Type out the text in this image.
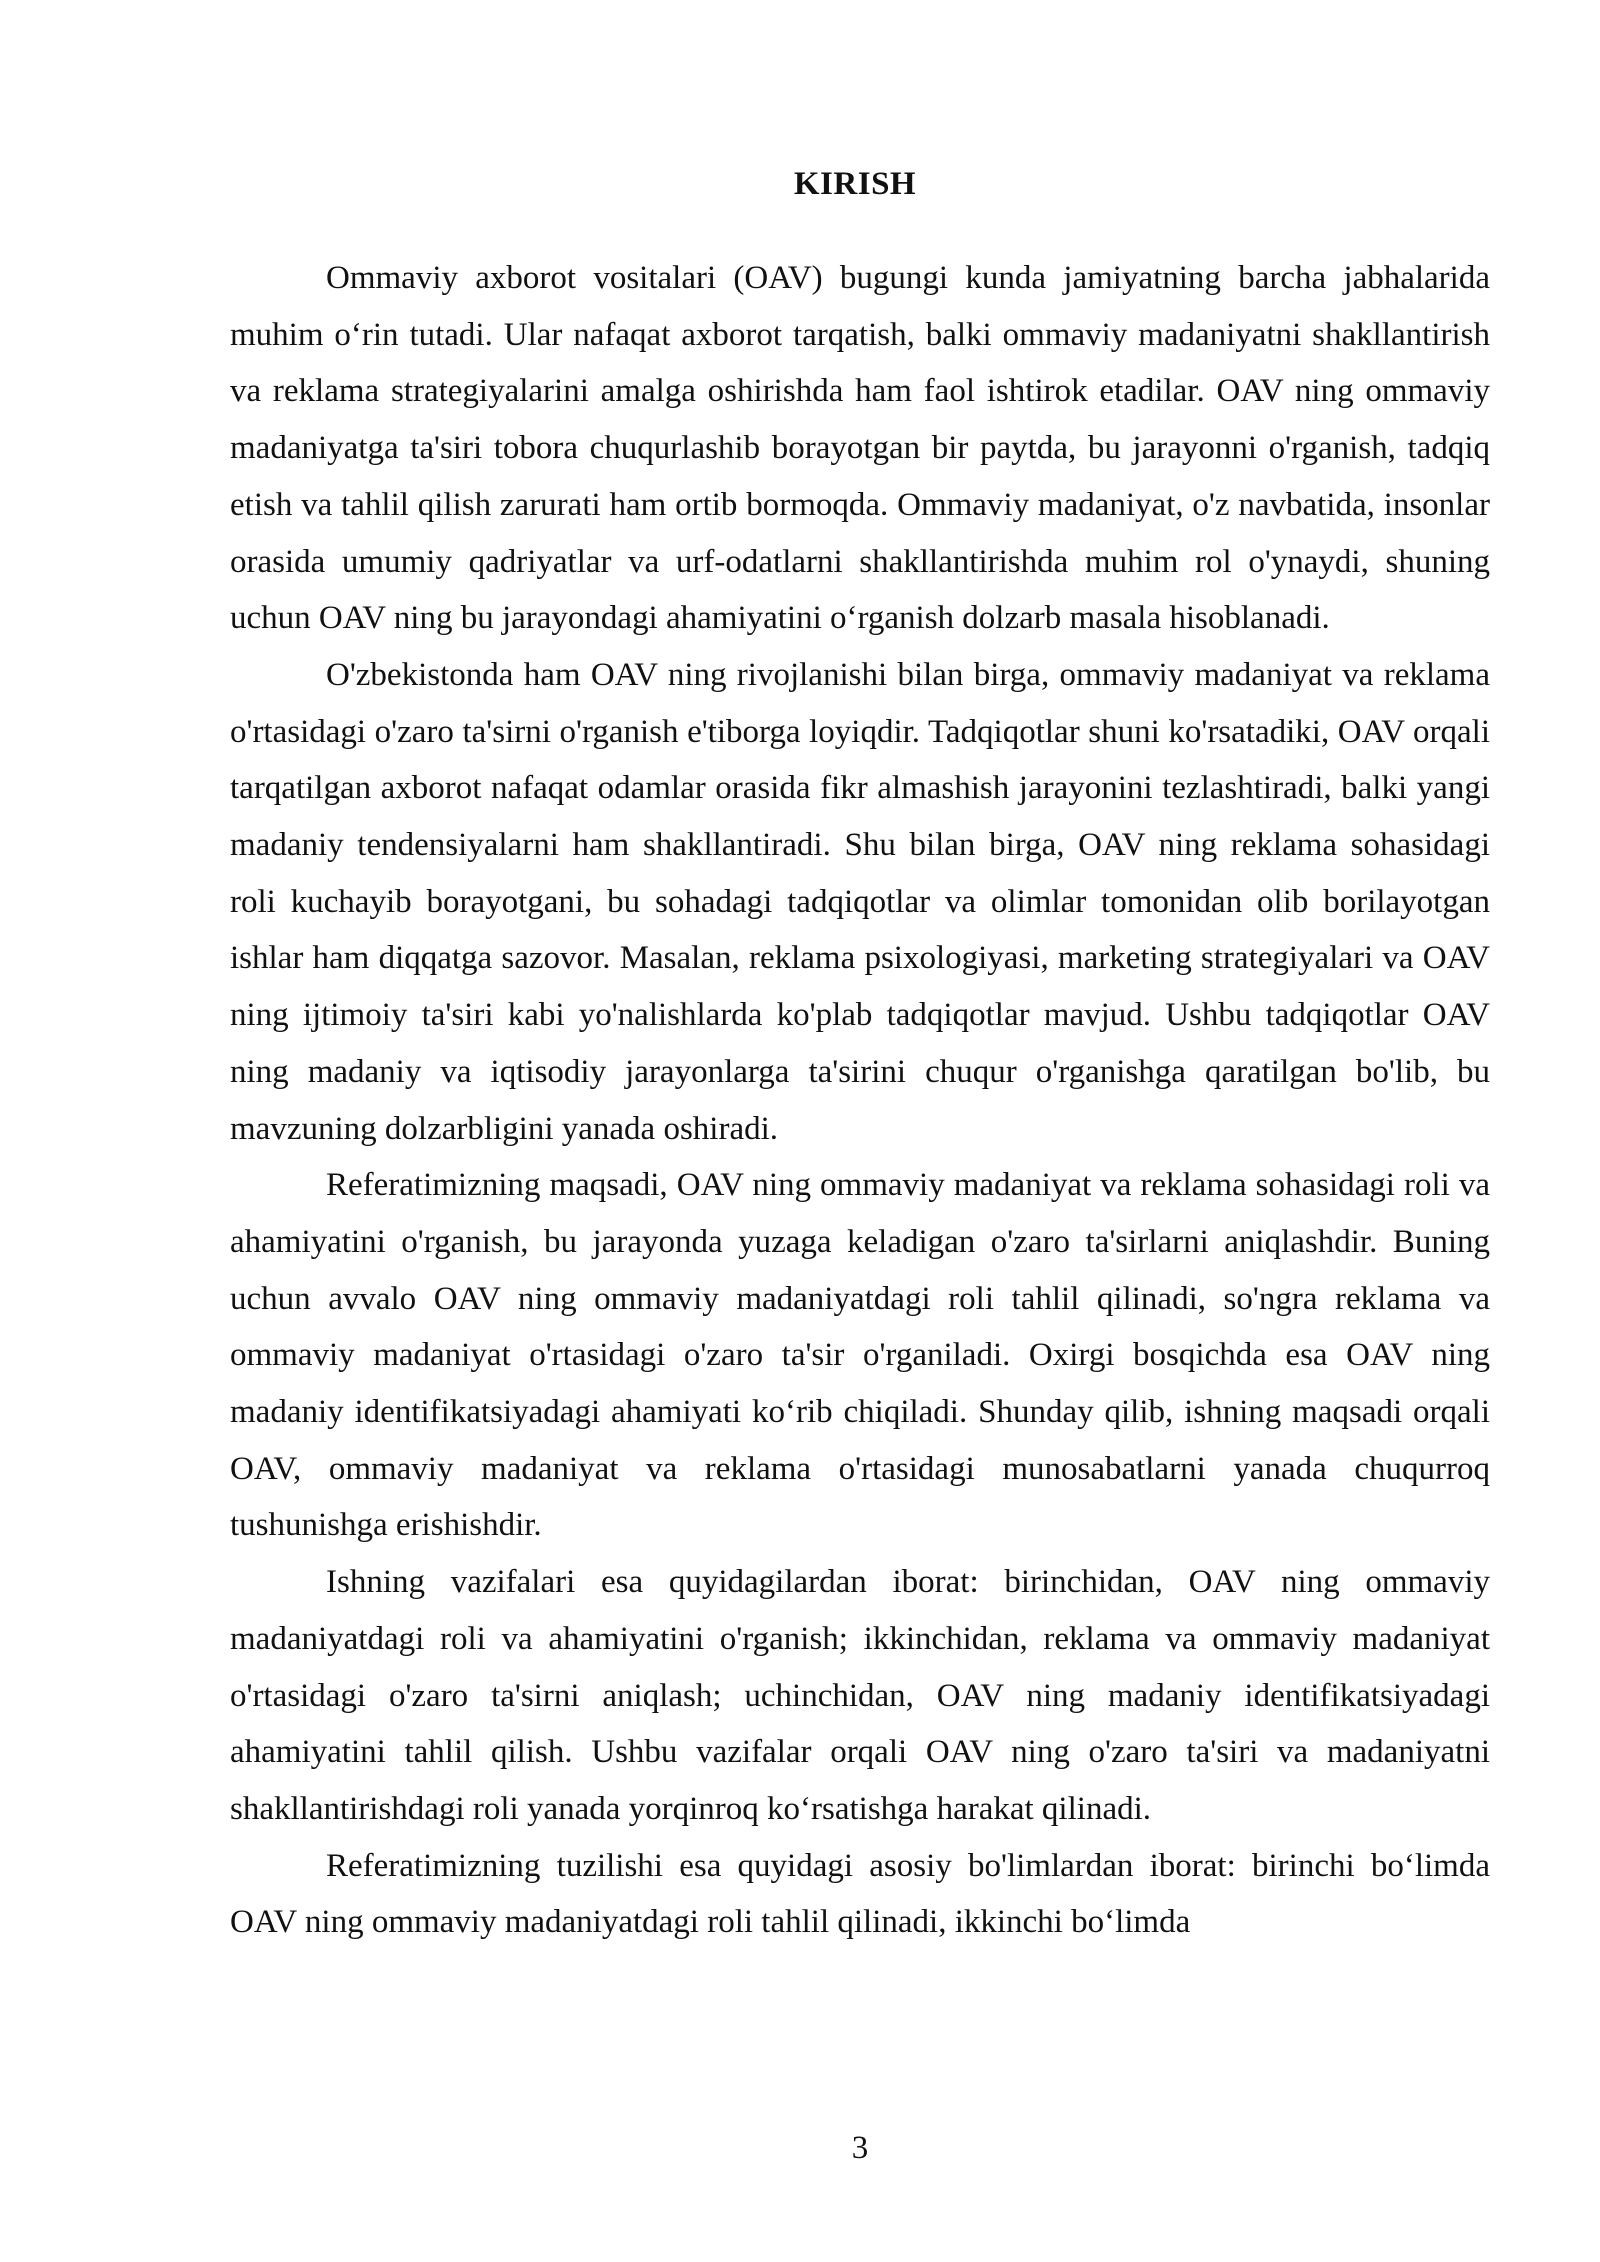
KIRISH

Ommaviy axborot vositalari (OAV) bugungi kunda jamiyatning barcha jabhalarida muhim o‘rin tutadi. Ular nafaqat axborot tarqatish, balki ommaviy madaniyatni shakllantirish va reklama strategiyalarini amalga oshirishda ham faol ishtirok etadilar. OAV ning ommaviy madaniyatga ta'siri tobora chuqurlashib borayotgan bir paytda, bu jarayonni o'rganish, tadqiq etish va tahlil qilish zarurati ham ortib bormoqda. Ommaviy madaniyat, o'z navbatida, insonlar orasida umumiy qadriyatlar va urf-odatlarni shakllantirishda muhim rol o'ynaydi, shuning uchun OAV ning bu jarayondagi ahamiyatini o‘rganish dolzarb masala hisoblanadi.

O'zbekistonda ham OAV ning rivojlanishi bilan birga, ommaviy madaniyat va reklama o'rtasidagi o'zaro ta'sirni o'rganish e'tiborga loyiqdir. Tadqiqotlar shuni ko'rsatadiki, OAV orqali tarqatilgan axborot nafaqat odamlar orasida fikr almashish jarayonini tezlashtiradi, balki yangi madaniy tendensiyalarni ham shakllantiradi. Shu bilan birga, OAV ning reklama sohasidagi roli kuchayib borayotgani, bu sohadagi tadqiqotlar va olimlar tomonidan olib borilayotgan ishlar ham diqqatga sazovor. Masalan, reklama psixologiyasi, marketing strategiyalari va OAV ning ijtimoiy ta'siri kabi yo'nalishlarda ko'plab tadqiqotlar mavjud. Ushbu tadqiqotlar OAV ning madaniy va iqtisodiy jarayonlarga ta'sirini chuqur o'rganishga qaratilgan bo'lib, bu mavzuning dolzarbligini yanada oshiradi.

Referatimizning maqsadi, OAV ning ommaviy madaniyat va reklama sohasidagi roli va ahamiyatini o'rganish, bu jarayonda yuzaga keladigan o'zaro ta'sirlarni aniqlashdir. Buning uchun avvalo OAV ning ommaviy madaniyatdagi roli tahlil qilinadi, so'ngra reklama va ommaviy madaniyat o'rtasidagi o'zaro ta'sir o'rganiladi. Oxirgi bosqichda esa OAV ning madaniy identifikatsiyadagi ahamiyati ko‘rib chiqiladi. Shunday qilib, ishning maqsadi orqali OAV, ommaviy madaniyat va reklama o'rtasidagi munosabatlarni yanada chuqurroq tushunishga erishishdir.

Ishning vazifalari esa quyidagilardan iborat: birinchidan, OAV ning ommaviy madaniyatdagi roli va ahamiyatini o'rganish; ikkinchidan, reklama va ommaviy madaniyat o'rtasidagi o'zaro ta'sirni aniqlash; uchinchidan, OAV ning madaniy identifikatsiyadagi ahamiyatini tahlil qilish. Ushbu vazifalar orqali OAV ning o'zaro ta'siri va madaniyatni shakllantirishdagi roli yanada yorqinroq ko‘rsatishga harakat qilinadi.

Referatimizning tuzilishi esa quyidagi asosiy bo'limlardan iborat: birinchi bo‘limda OAV ning ommaviy madaniyatdagi roli tahlil qilinadi, ikkinchi bo‘limda

3
